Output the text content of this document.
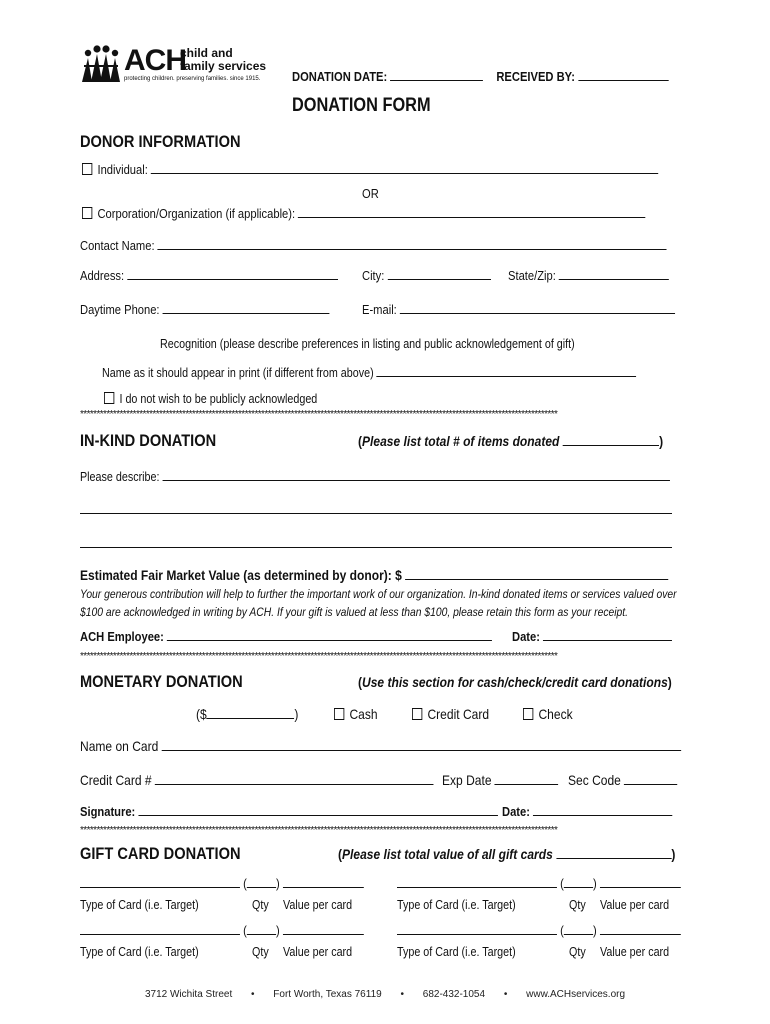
ACH
child and
family services
protecting children. preserving families. since 1915. DONATION DATE:	RECEIVED BY:
DONATION FORM
DONOR INFORMATION
Individual:
OR
Corporation/Organization (if applicable):
Contact Name:
Address:	City:	State/Zip:
Daytime Phone:	E-mail:
Recognition (please describe preferences in listing and public acknowledgement of gift)
Name as it should appear in print (if different from above)
I do not wish to be publicly acknowledged
*************************************************************************************************************************************************
IN-KIND DONATION	(Please list total # of items donated	)
Please describe:
Estimated Fair Market Value (as determined by donor): $
Your generous contribution will help to further the important work of our organization. In-kind donated items or services valued over
$100 are acknowledged in writing by ACH. If your gift is valued at less than $100, please retain this form as your receipt.
ACH Employee:	Date:
*************************************************************************************************************************************************
MONETARY DONATION	(Use this section for cash/check/credit card donations)
($	)	Cash	Credit Card	Check
Name on Card
Credit Card #	Exp Date	Sec Code
Signature:	Date:
*************************************************************************************************************************************************
GIFT CARD DONATION	(Please list total value of all gift cards	)
( )
Type of Card (i.e. Target)	Qty Value per card
( )
Type of Card (i.e. Target)	Qty Value per card
( )
Type of Card (i.e. Target)	Qty Value per card
( )
Type of Card (i.e. Target)	Qty Value per card
3712 Wichita Street • Fort Worth, Texas 76119 • 682-432-1054 • www.ACHservices.org
